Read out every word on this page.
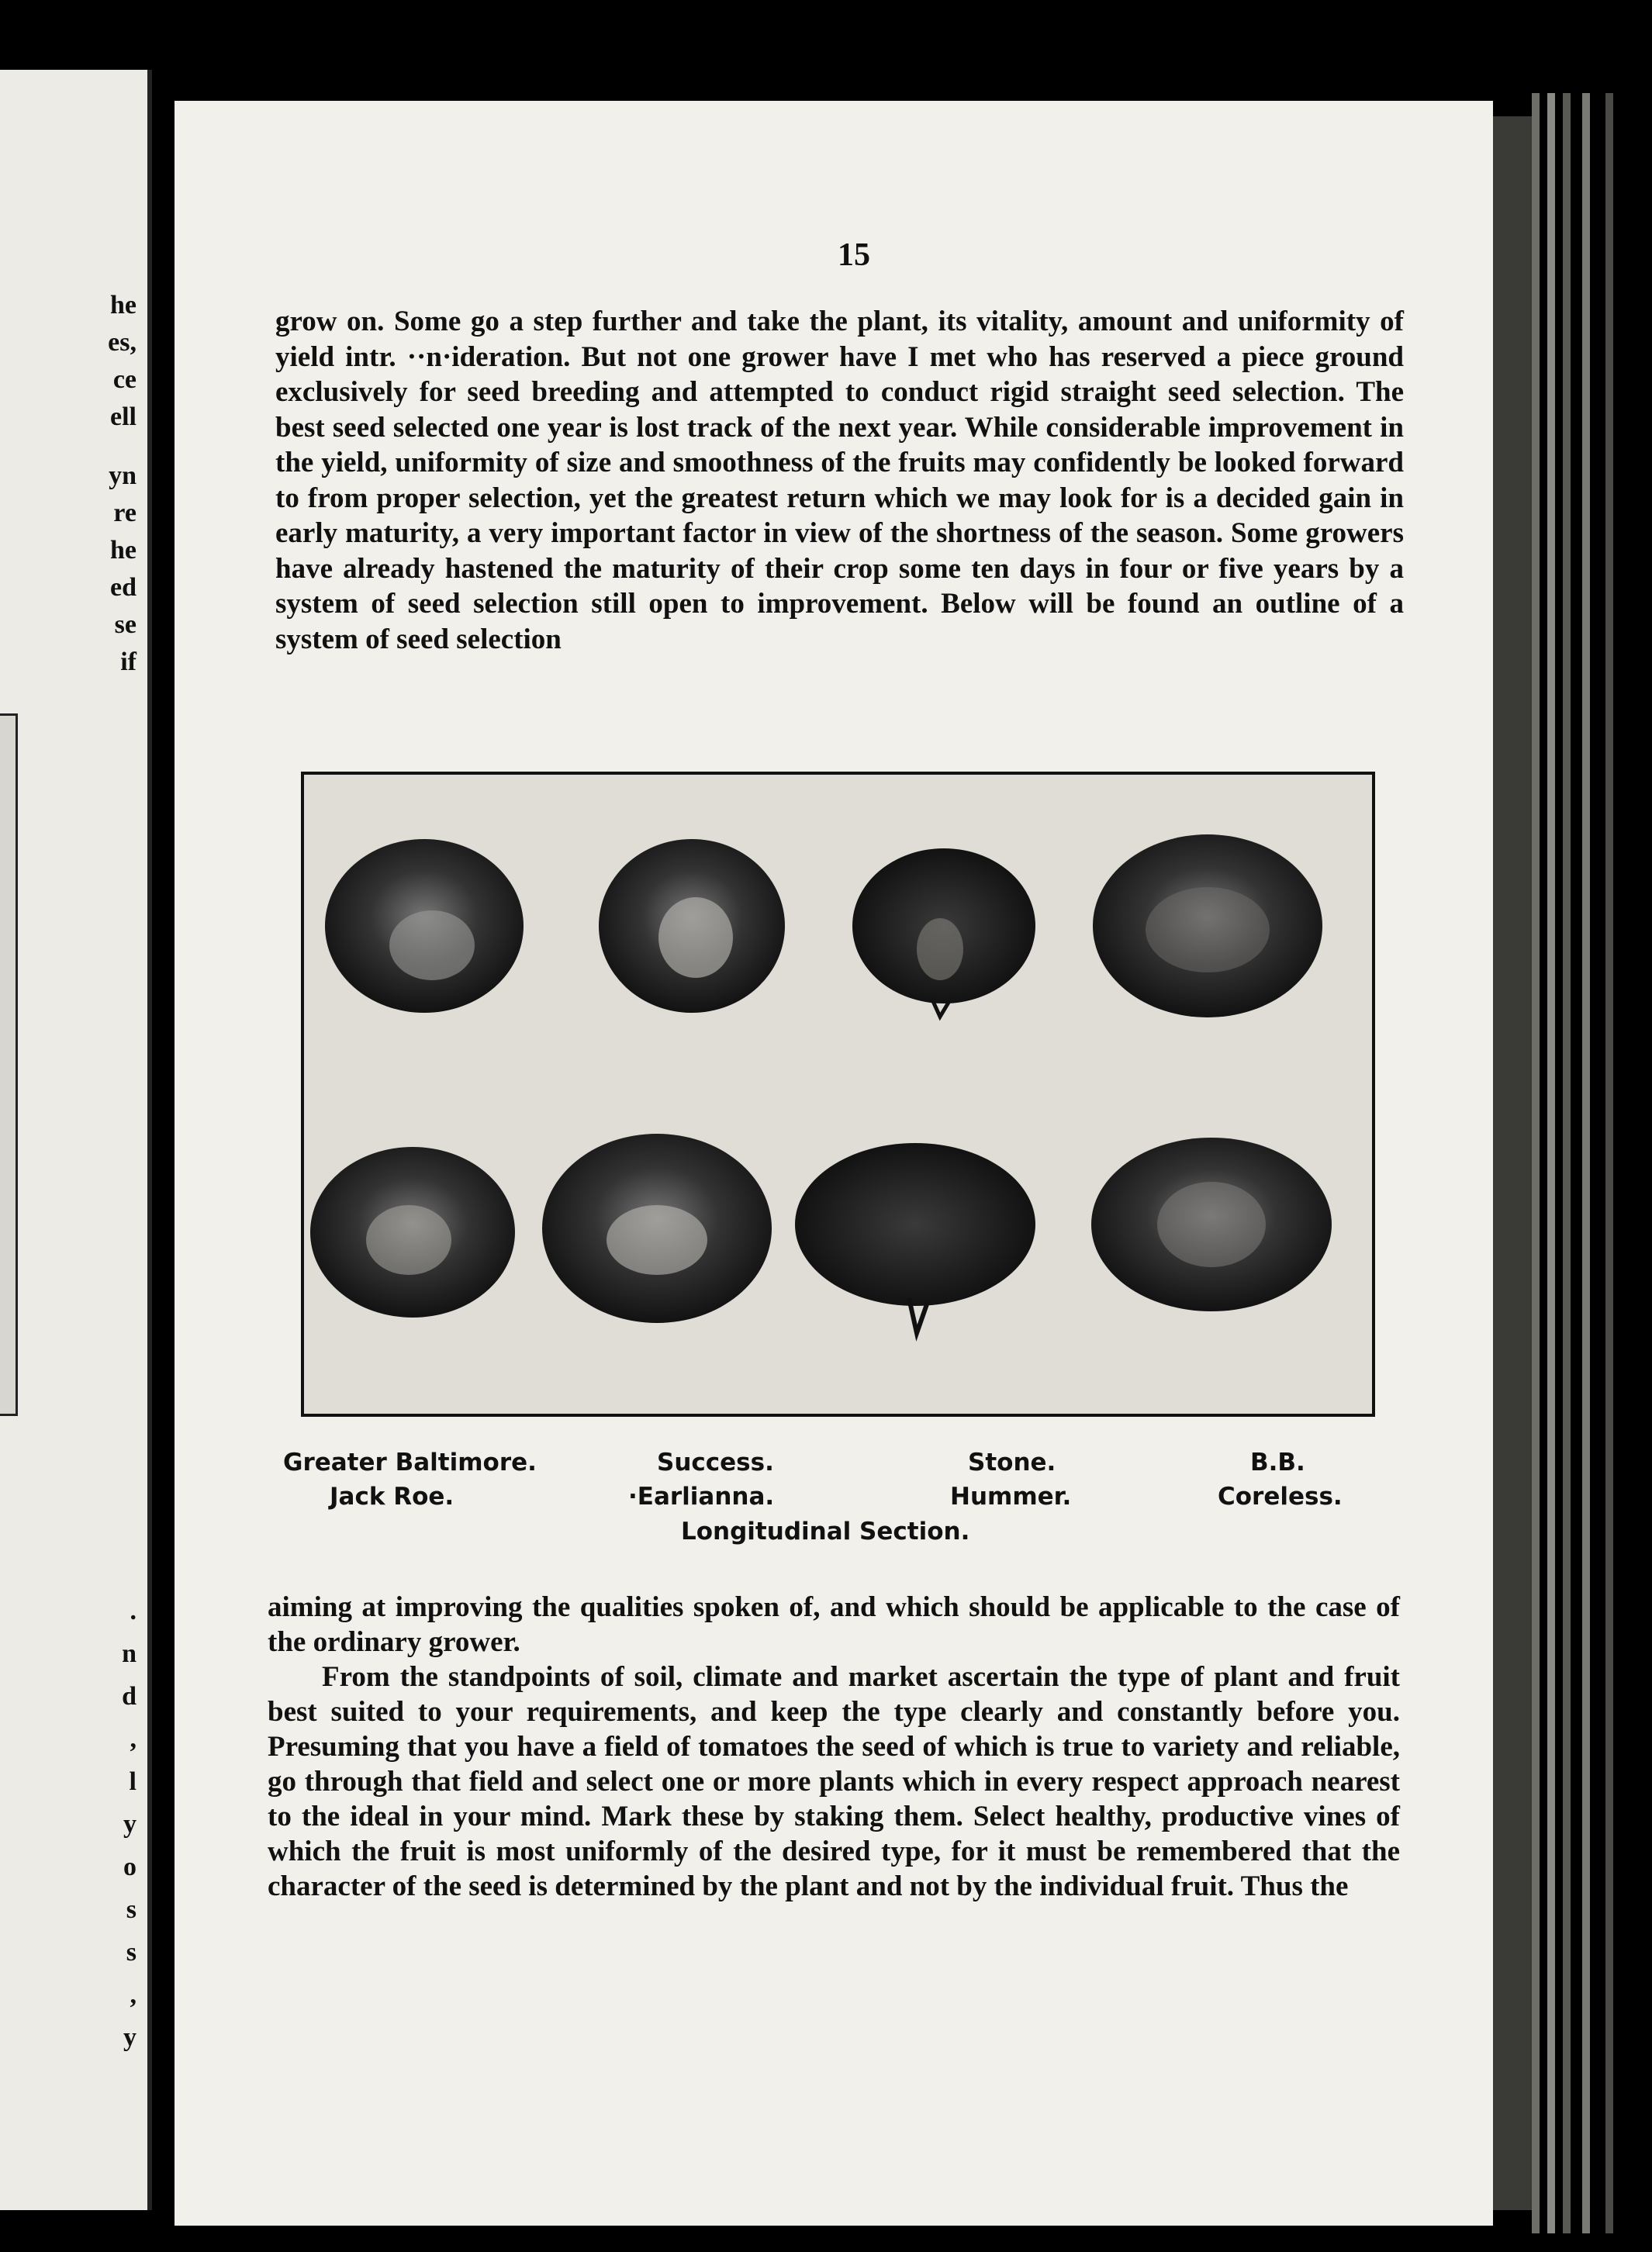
he
es,
ce
ell
yn
re
he
ed
se
if
.
n
d
,
l
y
o
s
s
,
y
15

grow on. Some go a step further and take the plant, its vitality, amount and uniformity of yield intr. ··n·ideration. But not one grower have I met who has reserved a piece ground exclusively for seed breeding and attempted to conduct rigid straight seed selection. The best seed selected one year is lost track of the next year. While considerable improvement in the yield, uniformity of size and smoothness of the fruits may confidently be looked forward to from proper selection, yet the greatest return which we may look for is a decided gain in early maturity, a very important factor in view of the shortness of the season. Some growers have already hastened the maturity of their crop some ten days in four or five years by a system of seed selection still open to improvement. Below will be found an outline of a system of seed selection

Greater Baltimore.	Success.	Stone.	B.B.
Jack Roe.	·Earlianna.	Hummer.	Coreless.
Longitudinal Section.

aiming at improving the qualities spoken of, and which should be applicable to the case of the ordinary grower.

From the standpoints of soil, climate and market ascertain the type of plant and fruit best suited to your requirements, and keep the type clearly and constantly before you. Presuming that you have a field of tomatoes the seed of which is true to variety and reliable, go through that field and select one or more plants which in every respect approach nearest to the ideal in your mind. Mark these by staking them. Select healthy, productive vines of which the fruit is most uniformly of the desired type, for it must be remembered that the character of the seed is determined by the plant and not by the individual fruit. Thus the
